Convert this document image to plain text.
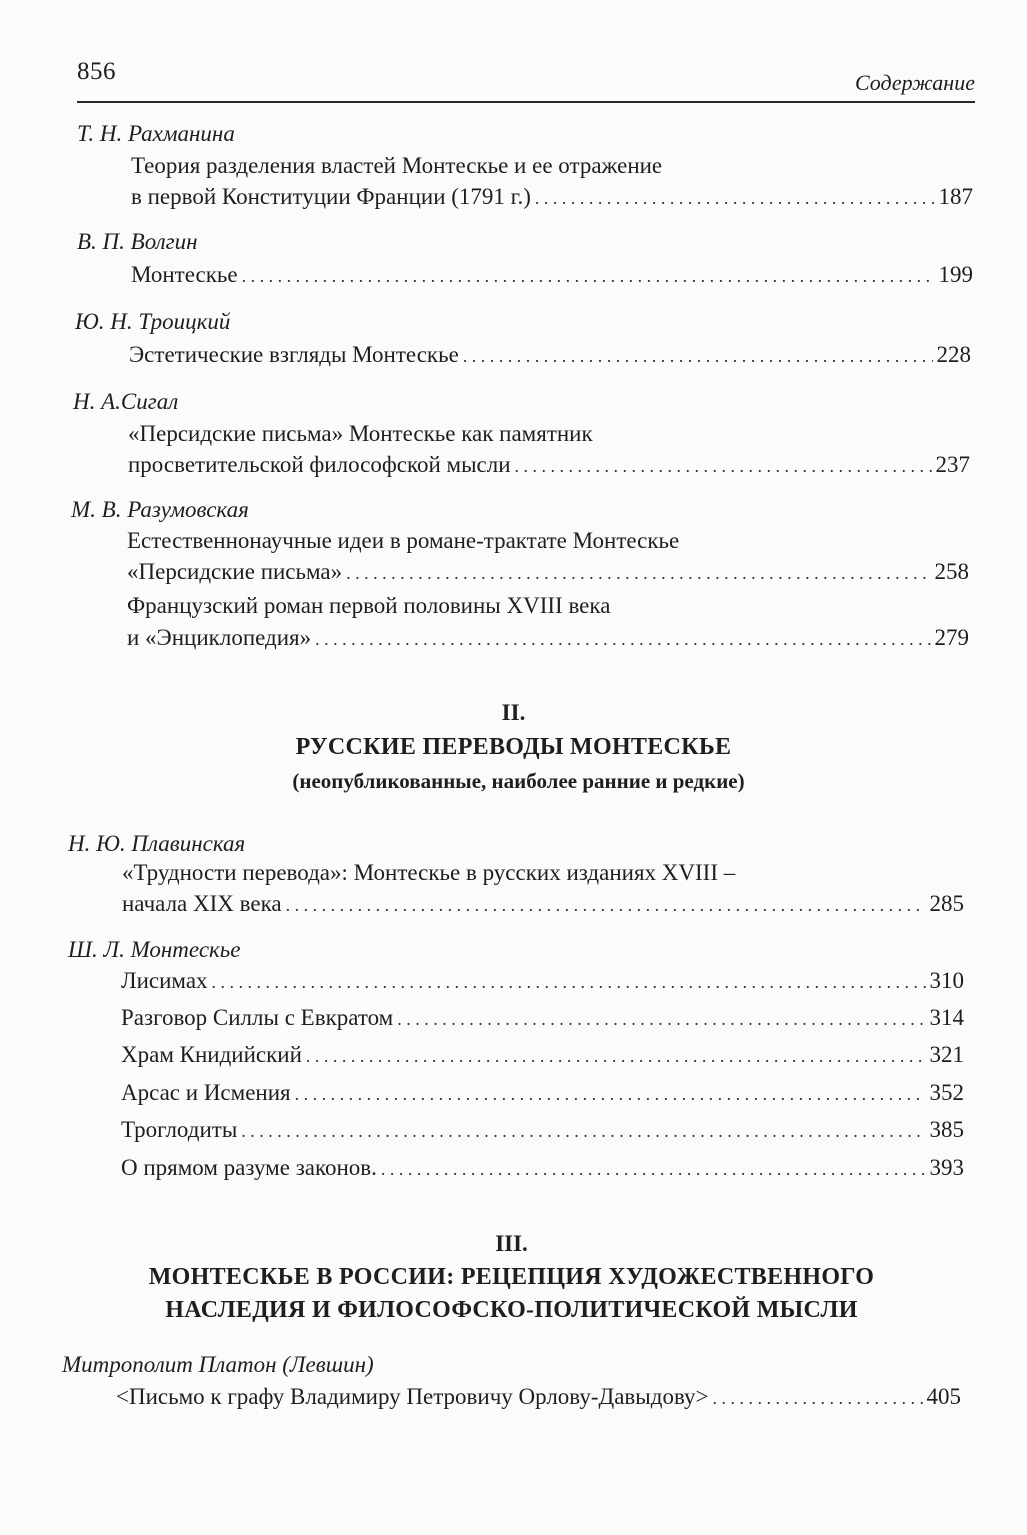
856	Содержание
Т. Н. Рахманина
Теория разделения властей Монтескье и ее отражение
в первой Конституции Франции (1791 г.) . . .	187
В. П. Волгин
Монтескье . . .	199
Ю. Н. Троицкий
Эстетические взгляды Монтескье . . .	228
Н. А.Сигал
«Персидские письма» Монтескье как памятник
просветительской философской мысли . . .	237
М. В. Разумовская
Естественнонаучные идеи в романе-трактате Монтескье
«Персидские письма» . . .	258
Французский роман первой половины XVIII века
и «Энциклопедия» . . .	279
II.
РУССКИЕ ПЕРЕВОДЫ МОНТЕСКЬЕ
(неопубликованные, наиболее ранние и редкие)
Н. Ю. Плавинская
«Трудности перевода»: Монтескье в русских изданиях XVIII –
начала XIX века . . .	285
Ш. Л. Монтескье
Лисимах . . .	310
Разговор Силлы с Евкратом . . .	314
Храм Книдийский . . .	321
Арсас и Исмения . . .	352
Троглодиты . . .	385
О прямом разуме законов. . . .	393
III.
МОНТЕСКЬЕ В РОССИИ: РЕЦЕПЦИЯ ХУДОЖЕСТВЕННОГО
НАСЛЕДИЯ И ФИЛОСОФСКО-ПОЛИТИЧЕСКОЙ МЫСЛИ
Митрополит Платон (Левшин)
<Письмо к графу Владимиру Петровичу Орлову-Давыдову> . . .	405
